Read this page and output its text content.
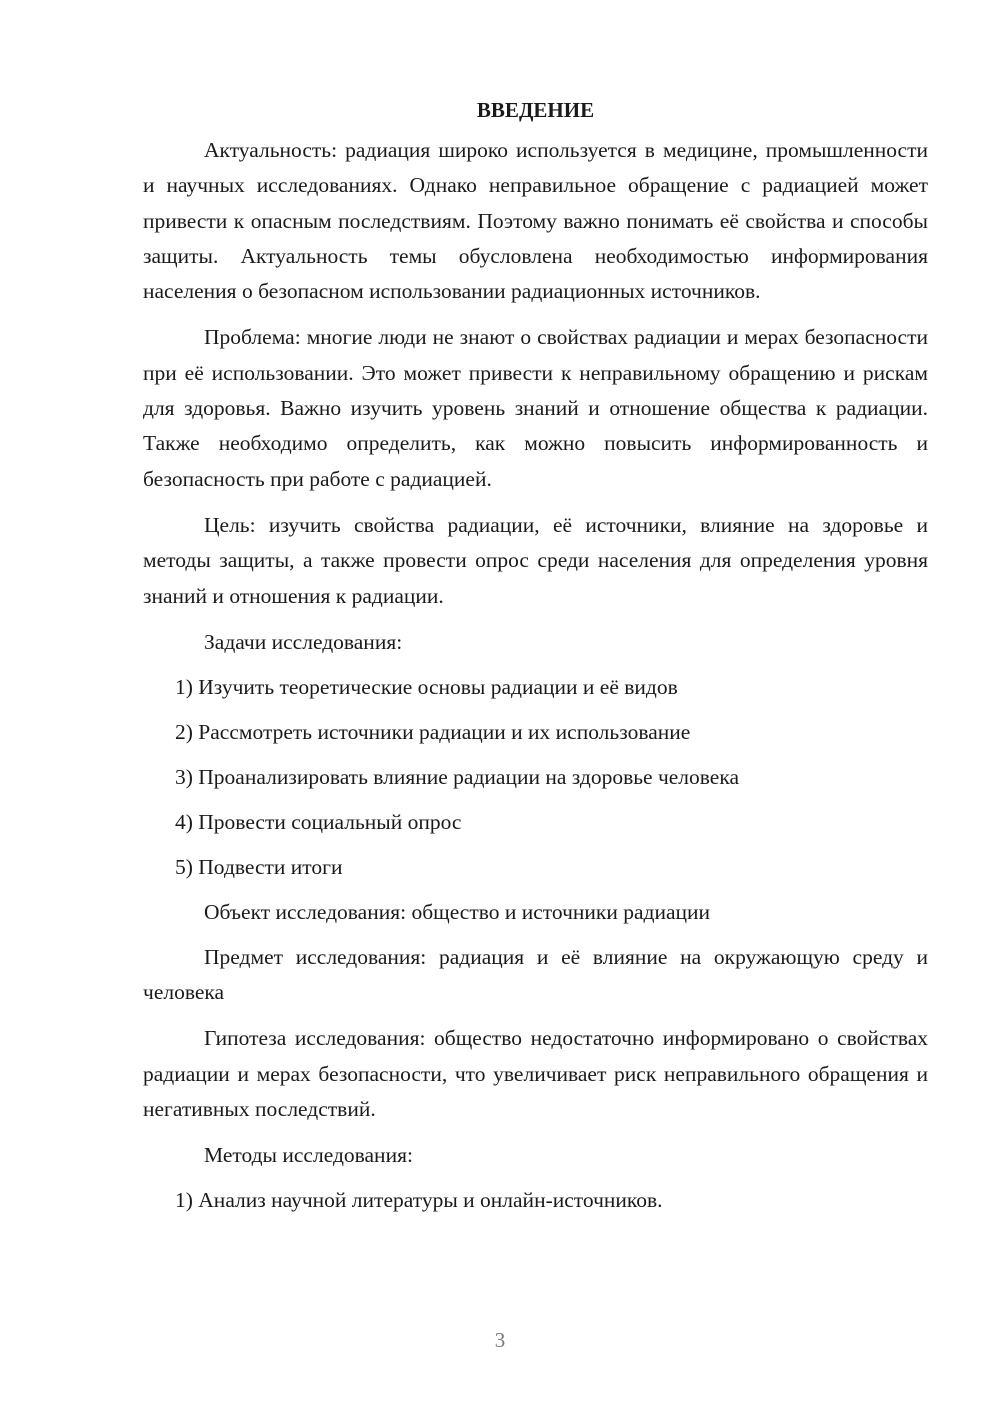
ВВЕДЕНИЕ

Актуальность: радиация широко используется в медицине, промышленности и научных исследованиях. Однако неправильное обращение с радиацией может привести к опасным последствиям. Поэтому важно понимать её свойства и способы защиты. Актуальность темы обусловлена необходимостью информирования населения о безопасном использовании радиационных источников.

Проблема: многие люди не знают о свойствах радиации и мерах безопасности при её использовании. Это может привести к неправильному обращению и рискам для здоровья. Важно изучить уровень знаний и отношение общества к радиации. Также необходимо определить, как можно повысить информированность и безопасность при работе с радиацией.

Цель: изучить свойства радиации, её источники, влияние на здоровье и методы защиты, а также провести опрос среди населения для определения уровня знаний и отношения к радиации.

Задачи исследования:

1) Изучить теоретические основы радиации и её видов

2) Рассмотреть источники радиации и их использование

3) Проанализировать влияние радиации на здоровье человека

4) Провести социальный опрос

5) Подвести итоги

Объект исследования: общество и источники радиации

Предмет исследования: радиация и её влияние на окружающую среду и человека

Гипотеза исследования: общество недостаточно информировано о свойствах радиации и мерах безопасности, что увеличивает риск неправильного обращения и негативных последствий.

Методы исследования:

1) Анализ научной литературы и онлайн-источников.

3
